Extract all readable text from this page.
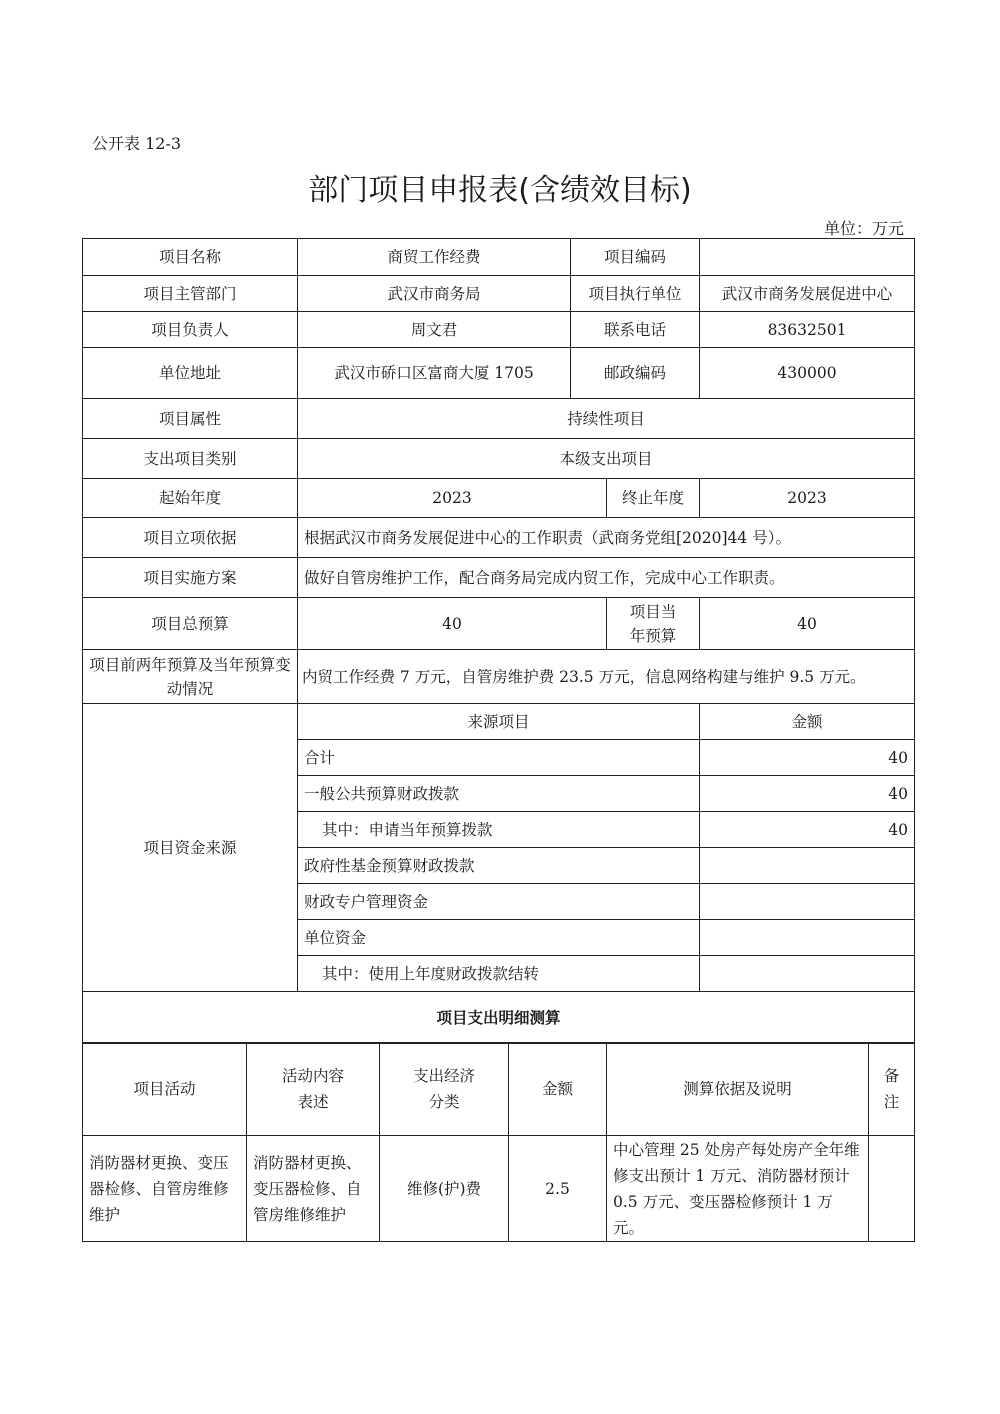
公开表 12-3
部门项目申报表(含绩效目标)
单位：万元
项目名称	商贸工作经费	项目编码		
项目主管部门	武汉市商务局	项目执行单位		武汉市商务发展促进中心
项目负责人	周文君	联系电话		83632501
单位地址	武汉市硚口区富商大厦 1705	邮政编码		430000
项目属性	持续性项目			
支出项目类别	本级支出项目			
起始年度	2023		终止年度	2023
项目立项依据	根据武汉市商务发展促进中心的工作职责（武商务党组[2020]44 号）。			
项目实施方案	做好自管房维护工作，配合商务局完成内贸工作，完成中心工作职责。			
项目总预算	40		项目当年预算	40
项目前两年预算及当年预算变动情况	内贸工作经费 7 万元，自管房维护费 23.5 万元，信息网络构建与维护 9.5 万元。			
项目资金来源	来源项目			金额
	合计			40
	一般公共预算财政拨款			40
	其中：申请当年预算拨款			40
	政府性基金预算财政拨款			
	财政专户管理资金			
	单位资金			
	其中：使用上年度财政拨款结转			
项目支出明细测算				
项目活动	活动内容表述	支出经济分类	金额	测算依据及说明	备注
消防器材更换、变压器检修、自管房维修维护	消防器材更换、变压器检修、自管房维修维护	维修(护)费	2.5	中心管理 25 处房产每处房产全年维修支出预计 1 万元、消防器材预计 0.5 万元、变压器检修预计 1 万元。	
